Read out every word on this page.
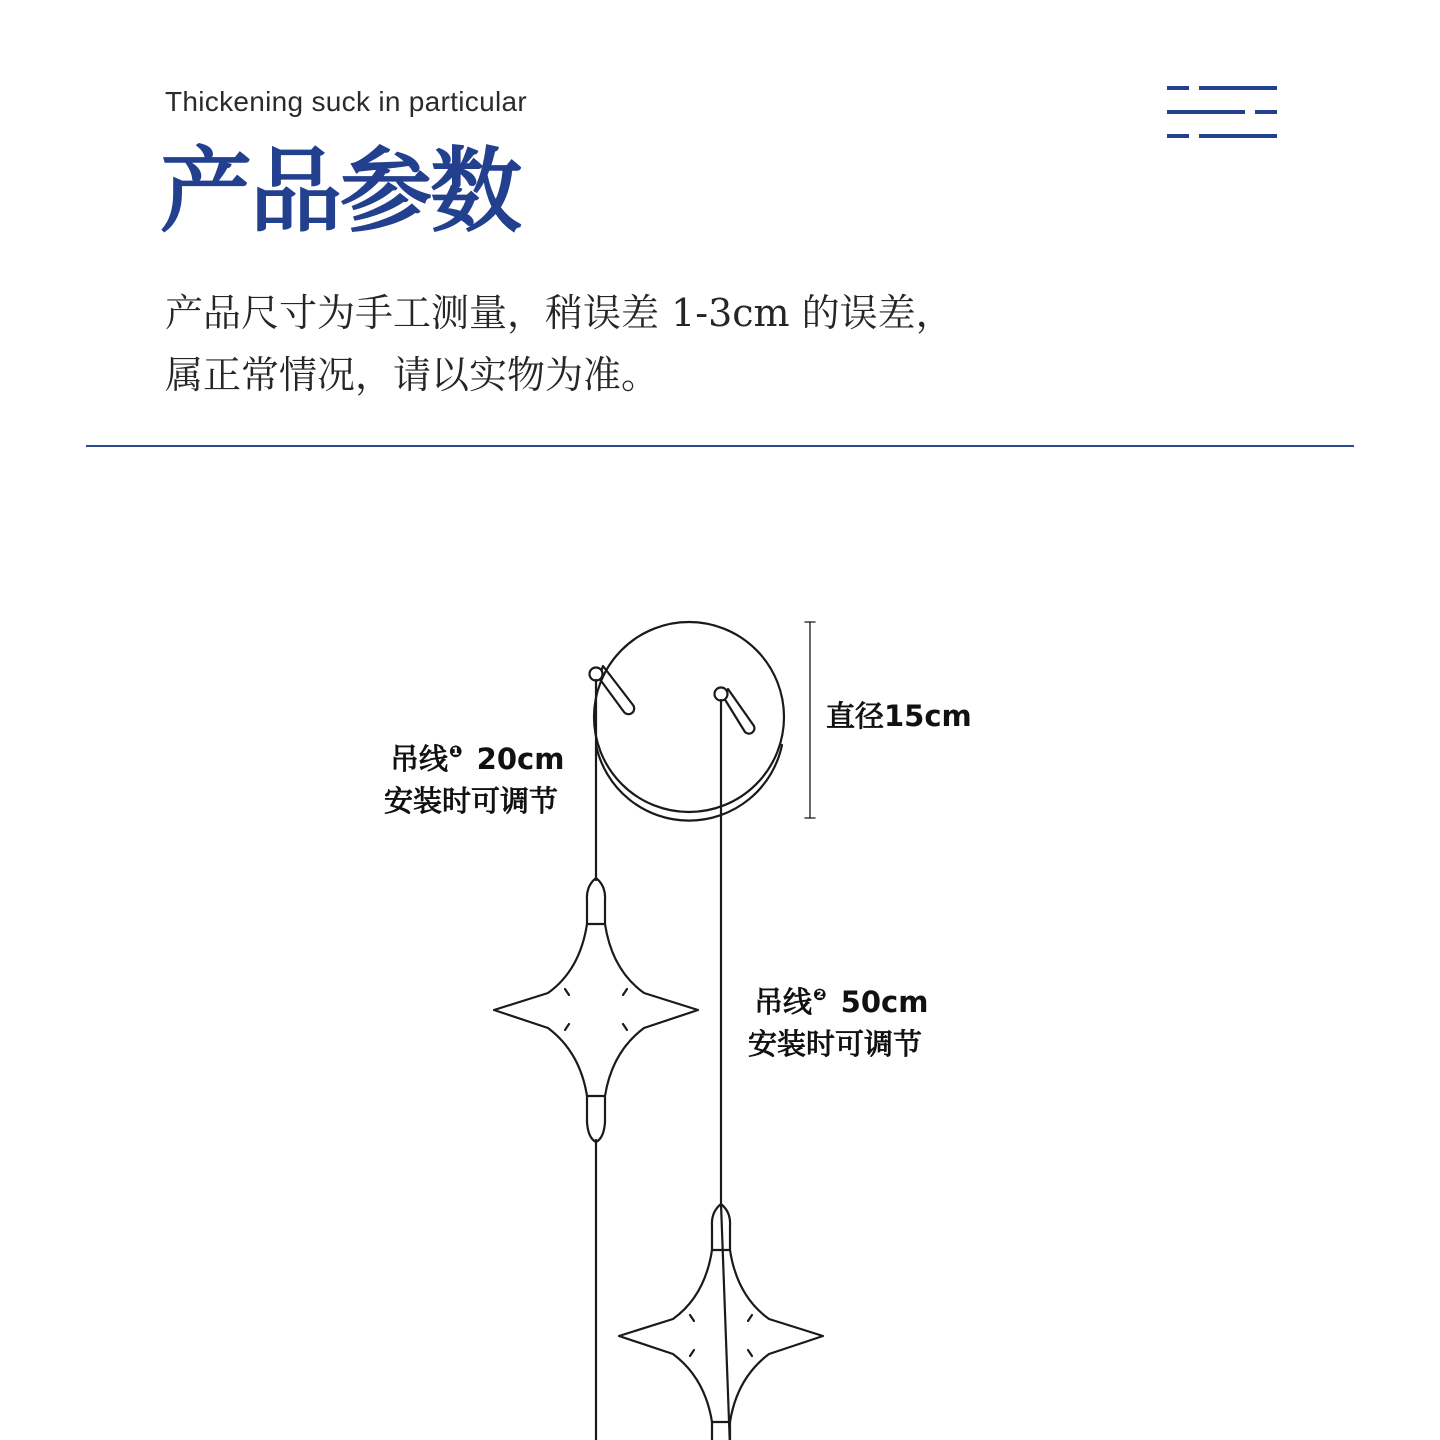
Thickening suck in particular
产品参数
产品尺寸为手工测量，稍误差 1-3cm 的误差，
属正常情况，请以实物为准。
直径15cm
吊线$^❶$ 20cm
安装时可调节
吊线$^❷$ 50cm
安装时可调节
